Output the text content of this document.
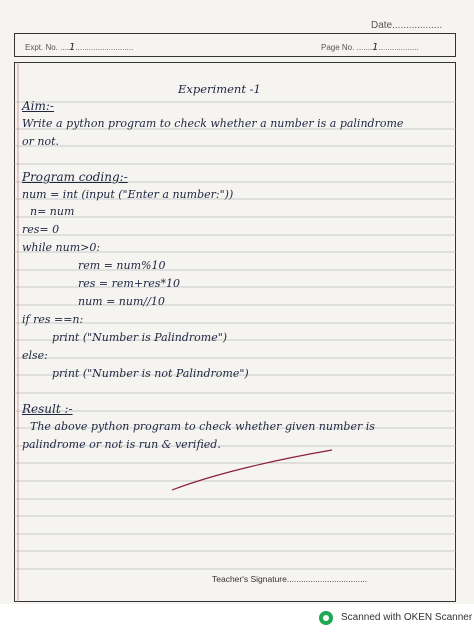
Date..................
Expt. No. ....1..........................	Page No. .......1..................
Experiment -1
Aim:-
Write a python program to check whether a number is a palindrome
or not.
Program coding:-
num = int (input ("Enter a number:"))
n= num
res= 0
while num>0:
rem = num%10
res = rem+res*10
num = num//10
if res ==n:
print ("Number is Palindrome")
else:
print ("Number is not Palindrome")
Result :-
The above python program to check whether given number is
palindrome or not is run & verified.
Teacher's Signature..................................
Scanned with OKEN Scanner
